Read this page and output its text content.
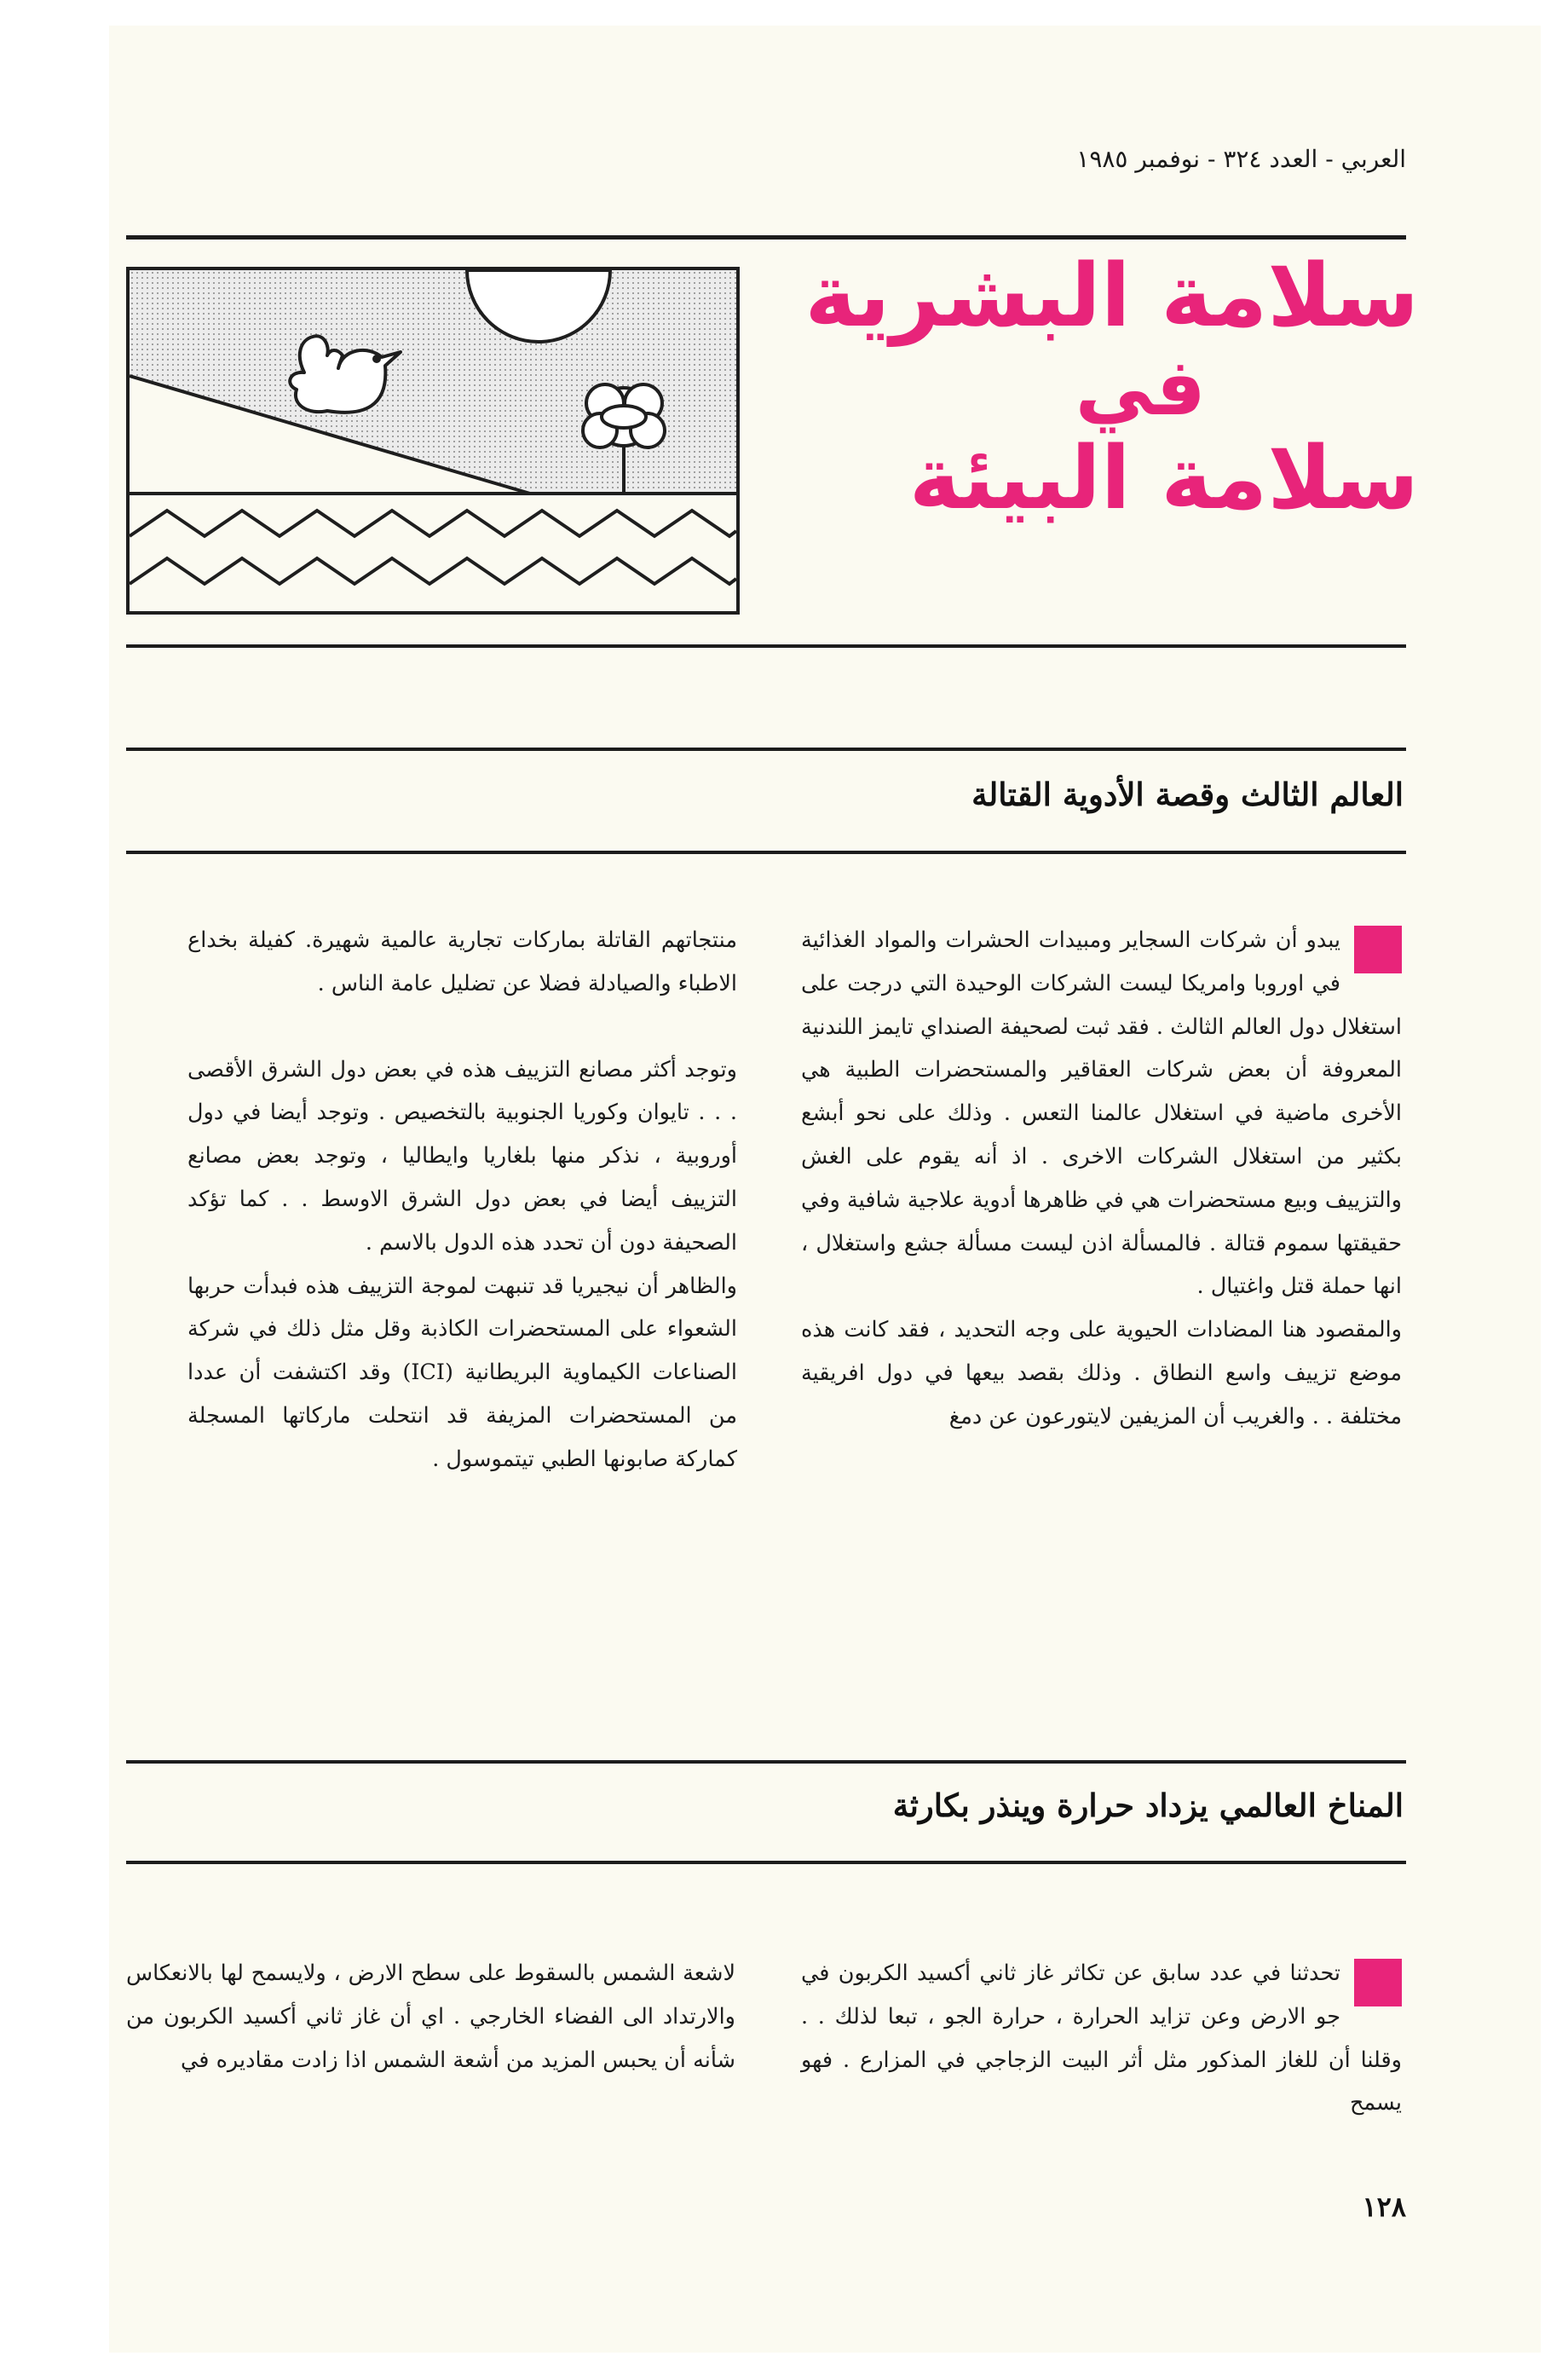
العربي - العدد ٣٢٤ - نوفمبر ١٩٨٥
سلامة البشرية
في
سلامة البيئة
العالم الثالث وقصة الأدوية القتالة

يبدو أن شركات السجاير ومبيدات الحشرات والمواد الغذائية في اوروبا وامريكا ليست الشركات الوحيدة التي درجت على استغلال دول العالم الثالث . فقد ثبت لصحيفة الصنداي تايمز اللندنية المعروفة أن بعض شركات العقاقير والمستحضرات الطبية هي الأخرى ماضية في استغلال عالمنا التعس . وذلك على نحو أبشع بكثير من استغلال الشركات الاخرى . اذ أنه يقوم على الغش والتزييف وبيع مستحضرات هي في ظاهرها أدوية علاجية شافية وفي حقيقتها سموم قتالة . فالمسألة اذن ليست مسألة جشع واستغلال ، انها حملة قتل واغتيال .

والمقصود هنا المضادات الحيوية على وجه التحديد ، فقد كانت هذه موضع تزييف واسع النطاق . وذلك بقصد بيعها في دول افريقية مختلفة . . والغريب أن المزيفين لايتورعون عن دمغ

منتجاتهم القاتلة بماركات تجارية عالمية شهيرة. كفيلة بخداع الاطباء والصيادلة فضلا عن تضليل عامة الناس .

وتوجد أكثر مصانع التزييف هذه في بعض دول الشرق الأقصى . . . تايوان وكوريا الجنوبية بالتخصيص . وتوجد أيضا في دول أوروبية ، نذكر منها بلغاريا وايطاليا ، وتوجد بعض مصانع التزييف أيضا في بعض دول الشرق الاوسط . . كما تؤكد الصحيفة دون أن تحدد هذه الدول بالاسم .

والظاهر أن نيجيريا قد تنبهت لموجة التزييف هذه فبدأت حربها الشعواء على المستحضرات الكاذبة وقل مثل ذلك في شركة الصناعات الكيماوية البريطانية (ICI) وقد اكتشفت أن عددا من المستحضرات المزيفة قد انتحلت ماركاتها المسجلة كماركة صابونها الطبي تيتموسول .

المناخ العالمي يزداد حرارة وينذر بكارثة

تحدثنا في عدد سابق عن تكاثر غاز ثاني أكسيد الكربون في جو الارض وعن تزايد الحرارة ، حرارة الجو ، تبعا لذلك . . وقلنا أن للغاز المذكور مثل أثر البيت الزجاجي في المزارع . فهو يسمح

لاشعة الشمس بالسقوط على سطح الارض ، ولايسمح لها بالانعكاس والارتداد الى الفضاء الخارجي . اي أن غاز ثاني أكسيد الكربون من شأنه أن يحبس المزيد من أشعة الشمس اذا زادت مقاديره في

١٢٨
